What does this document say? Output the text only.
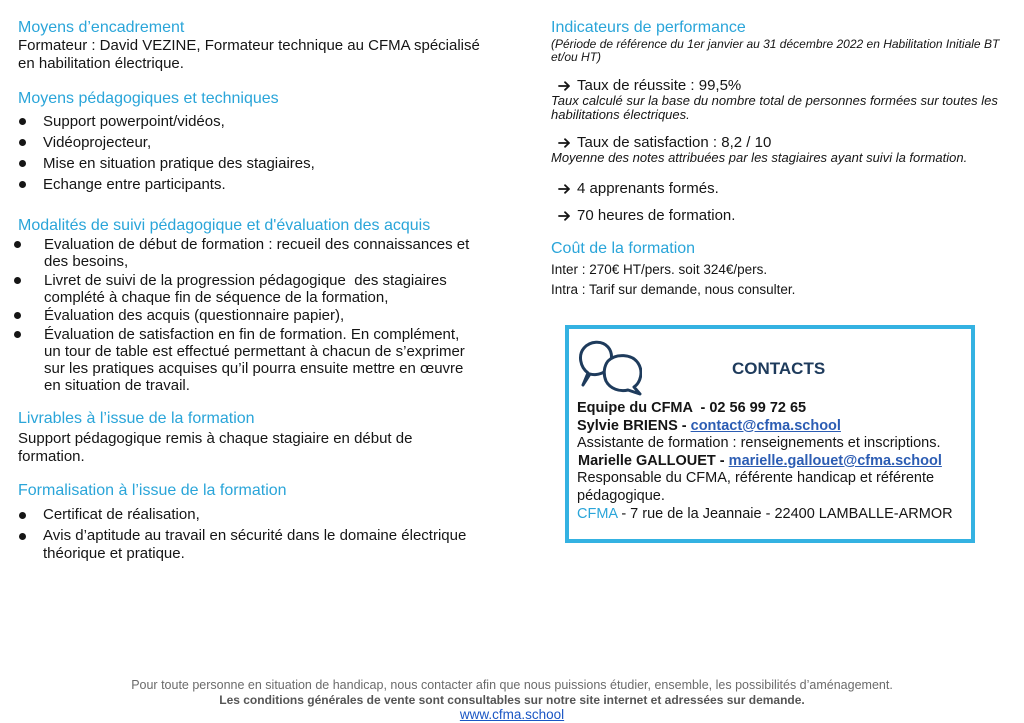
Moyens d’encadrement
Formateur : David VEZINE, Formateur technique au CFMA spécialisé en habilitation électrique.
Moyens pédagogiques et techniques
Support powerpoint/vidéos,
Vidéoprojecteur,
Mise en situation pratique des stagiaires,
Echange entre participants.
Modalités de suivi pédagogique et d'évaluation des acquis
Evaluation de début de formation : recueil des connaissances et des besoins,
Livret de suivi de la progression pédagogique  des stagiaires complété à chaque fin de séquence de la formation,
Évaluation des acquis (questionnaire papier),
Évaluation de satisfaction en fin de formation. En complément, un tour de table est effectué permettant à chacun de s’exprimer sur les pratiques acquises qu’il pourra ensuite mettre en œuvre en situation de travail.
Livrables à l’issue de la formation
Support pédagogique remis à chaque stagiaire en début de formation.
Formalisation à l’issue de la formation
Certificat de réalisation,
Avis d’aptitude au travail en sécurité dans le domaine électrique théorique et pratique.
Indicateurs de performance
(Période de référence du 1er janvier au 31 décembre 2022 en Habilitation Initiale BT et/ou HT)
Taux de réussite : 99,5%
Taux calculé sur la base du nombre total de personnes formées sur toutes les habilitations électriques.
Taux de satisfaction : 8,2 / 10
Moyenne des notes attribuées par les stagiaires ayant suivi la formation.
4 apprenants formés.
70 heures de formation.
Coût de la formation
Inter : 270€ HT/pers. soit 324€/pers.
Intra : Tarif sur demande, nous consulter.
CONTACTS
Equipe du CFMA  - 02 56 99 72 65
Sylvie BRIENS - contact@cfma.school
Assistante de formation : renseignements et inscriptions.
Marielle GALLOUET - marielle.gallouet@cfma.school
Responsable du CFMA, référente handicap et référente pédagogique.
CFMA - 7 rue de la Jeannaie - 22400 LAMBALLE-ARMOR
Pour toute personne en situation de handicap, nous contacter afin que nous puissions étudier, ensemble, les possibilités d’aménagement.
Les conditions générales de vente sont consultables sur notre site internet et adressées sur demande.
www.cfma.school
